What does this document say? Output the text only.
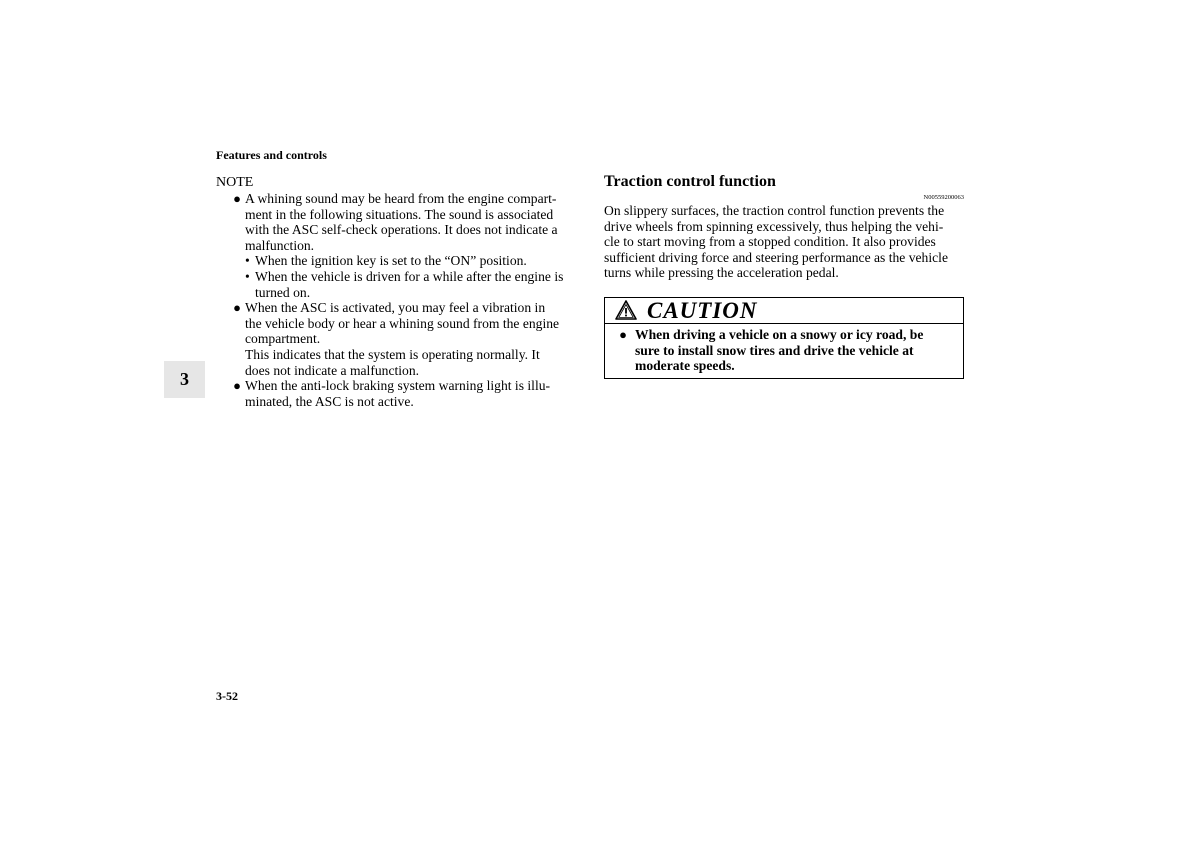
Features and controls
3
NOTE
● A whining sound may be heard from the engine compart-
ment in the following situations. The sound is associated
with the ASC self-check operations. It does not indicate a
malfunction.
• When the ignition key is set to the “ON” position.
• When the vehicle is driven for a while after the engine is
turned on.
● When the ASC is activated, you may feel a vibration in
the vehicle body or hear a whining sound from the engine
compartment.
This indicates that the system is operating normally. It
does not indicate a malfunction.
● When the anti-lock braking system warning light is illu-
minated, the ASC is not active.
Traction control function
N00559200063
On slippery surfaces, the traction control function prevents the
drive wheels from spinning excessively, thus helping the vehi-
cle to start moving from a stopped condition. It also provides
sufficient driving force and steering performance as the vehicle
turns while pressing the acceleration pedal.
CAUTION
● When driving a vehicle on a snowy or icy road, be
sure to install snow tires and drive the vehicle at
moderate speeds.
3-52
